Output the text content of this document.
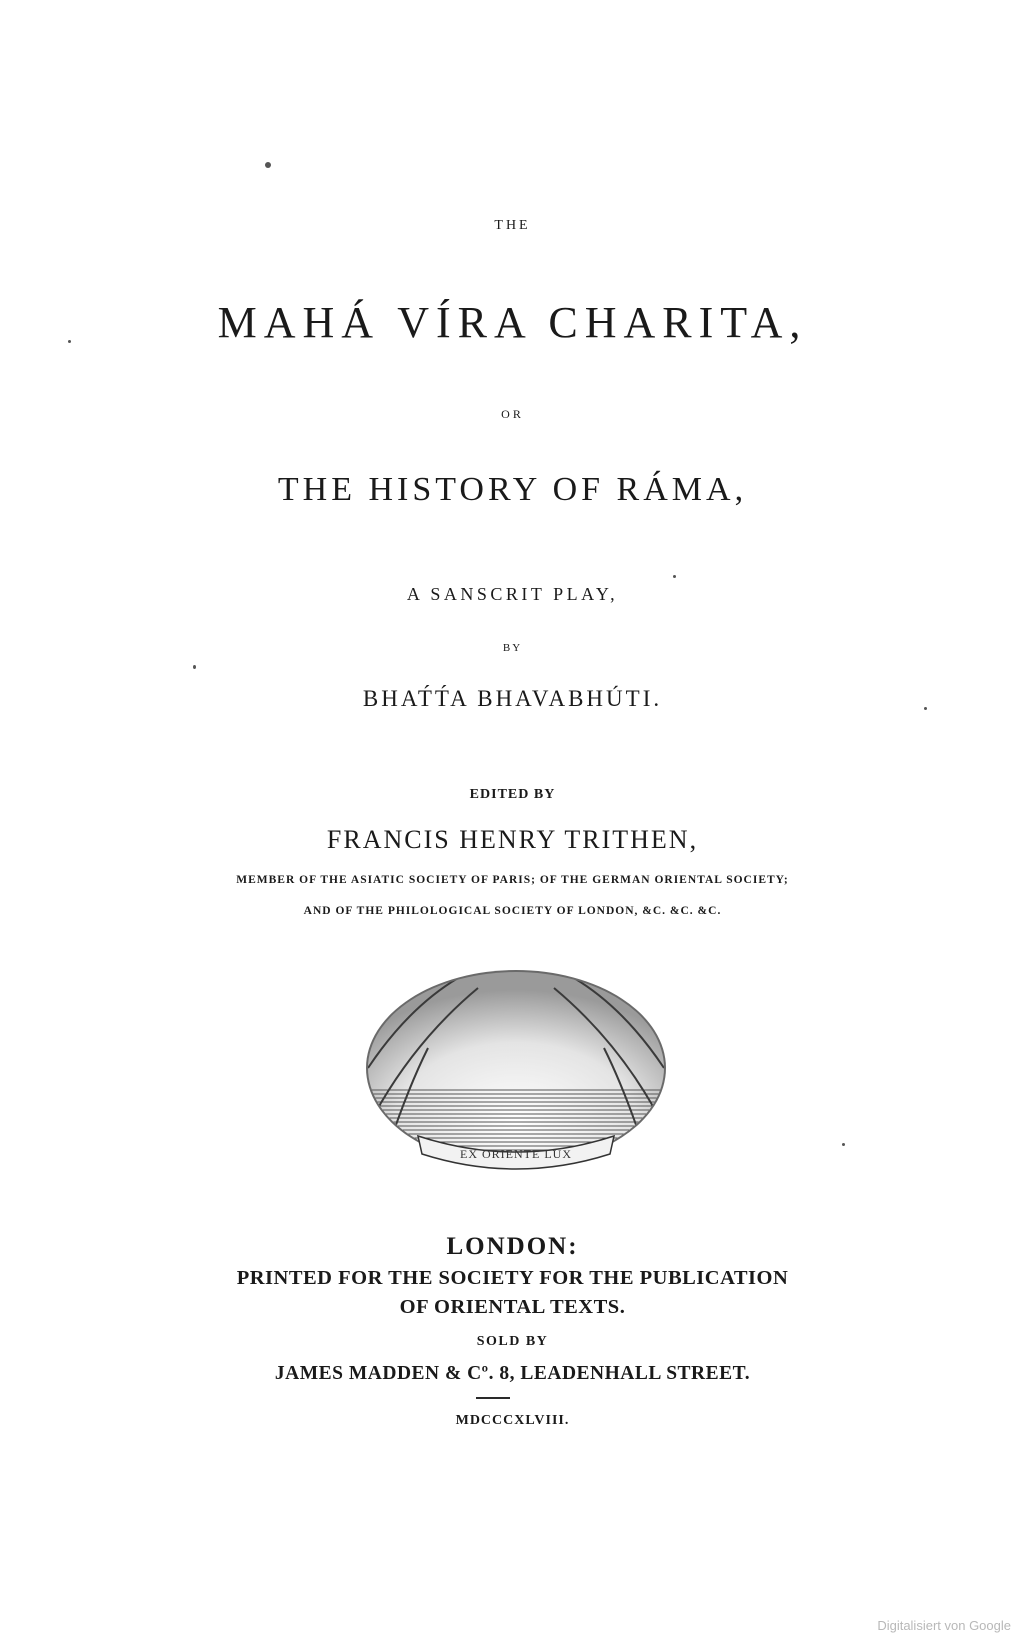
THE
MAHÁ VÍRA CHARITA,
OR
THE HISTORY OF RÁMA,
A SANSCRIT PLAY,
BY
BHAT́T́A BHAVABHÚTI.
EDITED BY
FRANCIS HENRY TRITHEN,
MEMBER OF THE ASIATIC SOCIETY OF PARIS; OF THE GERMAN ORIENTAL SOCIETY;
AND OF THE PHILOLOGICAL SOCIETY OF LONDON, &C. &C. &C.
EX ORIENTE LUX
LONDON:
PRINTED FOR THE SOCIETY FOR THE PUBLICATION
OF ORIENTAL TEXTS.
SOLD BY
JAMES MADDEN & Cº. 8, LEADENHALL STREET.
MDCCCXLVIII.
Digitalisiert von Google
